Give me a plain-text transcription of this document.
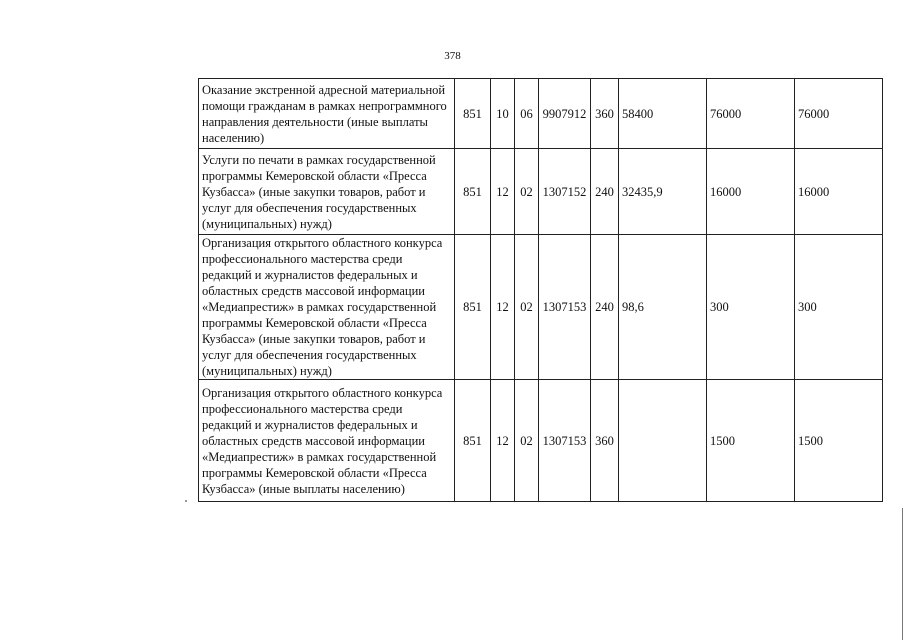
378
Оказание экстренной адресной материальной помощи гражданам в рамках непрограммного направления деятельности (иные выплаты населению)	851	10	06	9907912	360	58400	76000	76000
Услуги по печати в рамках государственной программы Кемеровской области «Пресса Кузбасса» (иные закупки товаров, работ и услуг для обеспечения государственных (муниципальных) нужд)	851	12	02	1307152	240	32435,9	16000	16000
Организация открытого областного конкурса профессионального мастерства среди редакций и журналистов федеральных и областных средств массовой информации «Медиапрестиж» в рамках государственной программы Кемеровской области «Пресса Кузбасса» (иные закупки товаров, работ и услуг для обеспечения государственных (муниципальных) нужд)	851	12	02	1307153	240	98,6	300	300
Организация открытого областного конкурса профессионального мастерства среди редакций и журналистов федеральных и областных средств массовой информации «Медиапрестиж» в рамках государственной программы Кемеровской области «Пресса Кузбасса» (иные выплаты населению)	851	12	02	1307153	360		1500	1500
